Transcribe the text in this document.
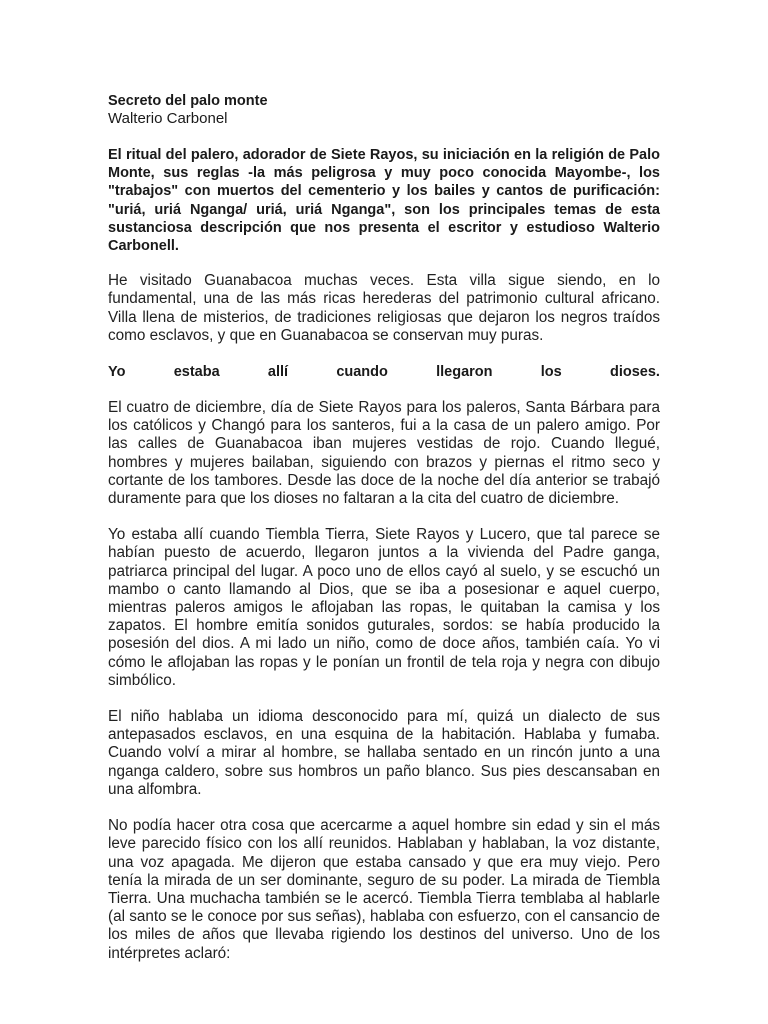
Secreto del palo monte

Walterio Carbonel

El ritual del palero, adorador de Siete Rayos, su iniciación en la religión de Palo Monte, sus reglas -la más peligrosa y muy poco conocida Mayombe-, los "trabajos" con muertos del cementerio y los bailes y cantos de purificación: "uriá, uriá Nganga/ uriá, uriá Nganga", son los principales temas de esta sustanciosa descripción que nos presenta el escritor y estudioso Walterio Carbonell.

He visitado Guanabacoa muchas veces. Esta villa sigue siendo, en lo fundamental, una de las más ricas herederas del patrimonio cultural africano. Villa llena de misterios, de tradiciones religiosas que dejaron los negros traídos como esclavos, y que en Guanabacoa se conservan muy puras.

Yo	estaba	allí	cuando	llegaron	los	dioses.

El cuatro de diciembre, día de Siete Rayos para los paleros, Santa Bárbara para los católicos y Changó para los santeros, fui a la casa de un palero amigo. Por las calles de Guanabacoa iban mujeres vestidas de rojo. Cuando llegué, hombres y mujeres bailaban, siguiendo con brazos y piernas el ritmo seco y cortante de los tambores. Desde las doce de la noche del día anterior se trabajó duramente para que los dioses no faltaran a la cita del cuatro de diciembre.

Yo estaba allí cuando Tiembla Tierra, Siete Rayos y Lucero, que tal parece se habían puesto de acuerdo, llegaron juntos a la vivienda del Padre ganga, patriarca principal del lugar. A poco uno de ellos cayó al suelo, y se escuchó un mambo o canto llamando al Dios, que se iba a posesionar e aquel cuerpo, mientras paleros amigos le aflojaban las ropas, le quitaban la camisa y los zapatos. El hombre emitía sonidos guturales, sordos: se había producido la posesión del dios. A mi lado un niño, como de doce años, también caía. Yo vi cómo le aflojaban las ropas y le ponían un frontil de tela roja y negra con dibujo simbólico.

El niño hablaba un idioma desconocido para mí, quizá un dialecto de sus antepasados esclavos, en una esquina de la habitación. Hablaba y fumaba. Cuando volví a mirar al hombre, se hallaba sentado en un rincón junto a una nganga caldero, sobre sus hombros un paño blanco. Sus pies descansaban en una alfombra.

No podía hacer otra cosa que acercarme a aquel hombre sin edad y sin el más leve parecido físico con los allí reunidos. Hablaban y hablaban, la voz distante, una voz apagada. Me dijeron que estaba cansado y que era muy viejo. Pero tenía la mirada de un ser dominante, seguro de su poder. La mirada de Tiembla Tierra. Una muchacha también se le acercó. Tiembla Tierra temblaba al hablarle (al santo se le conoce por sus señas), hablaba con esfuerzo, con el cansancio de los miles de años que llevaba rigiendo los destinos del universo. Uno de los intérpretes aclaró:
